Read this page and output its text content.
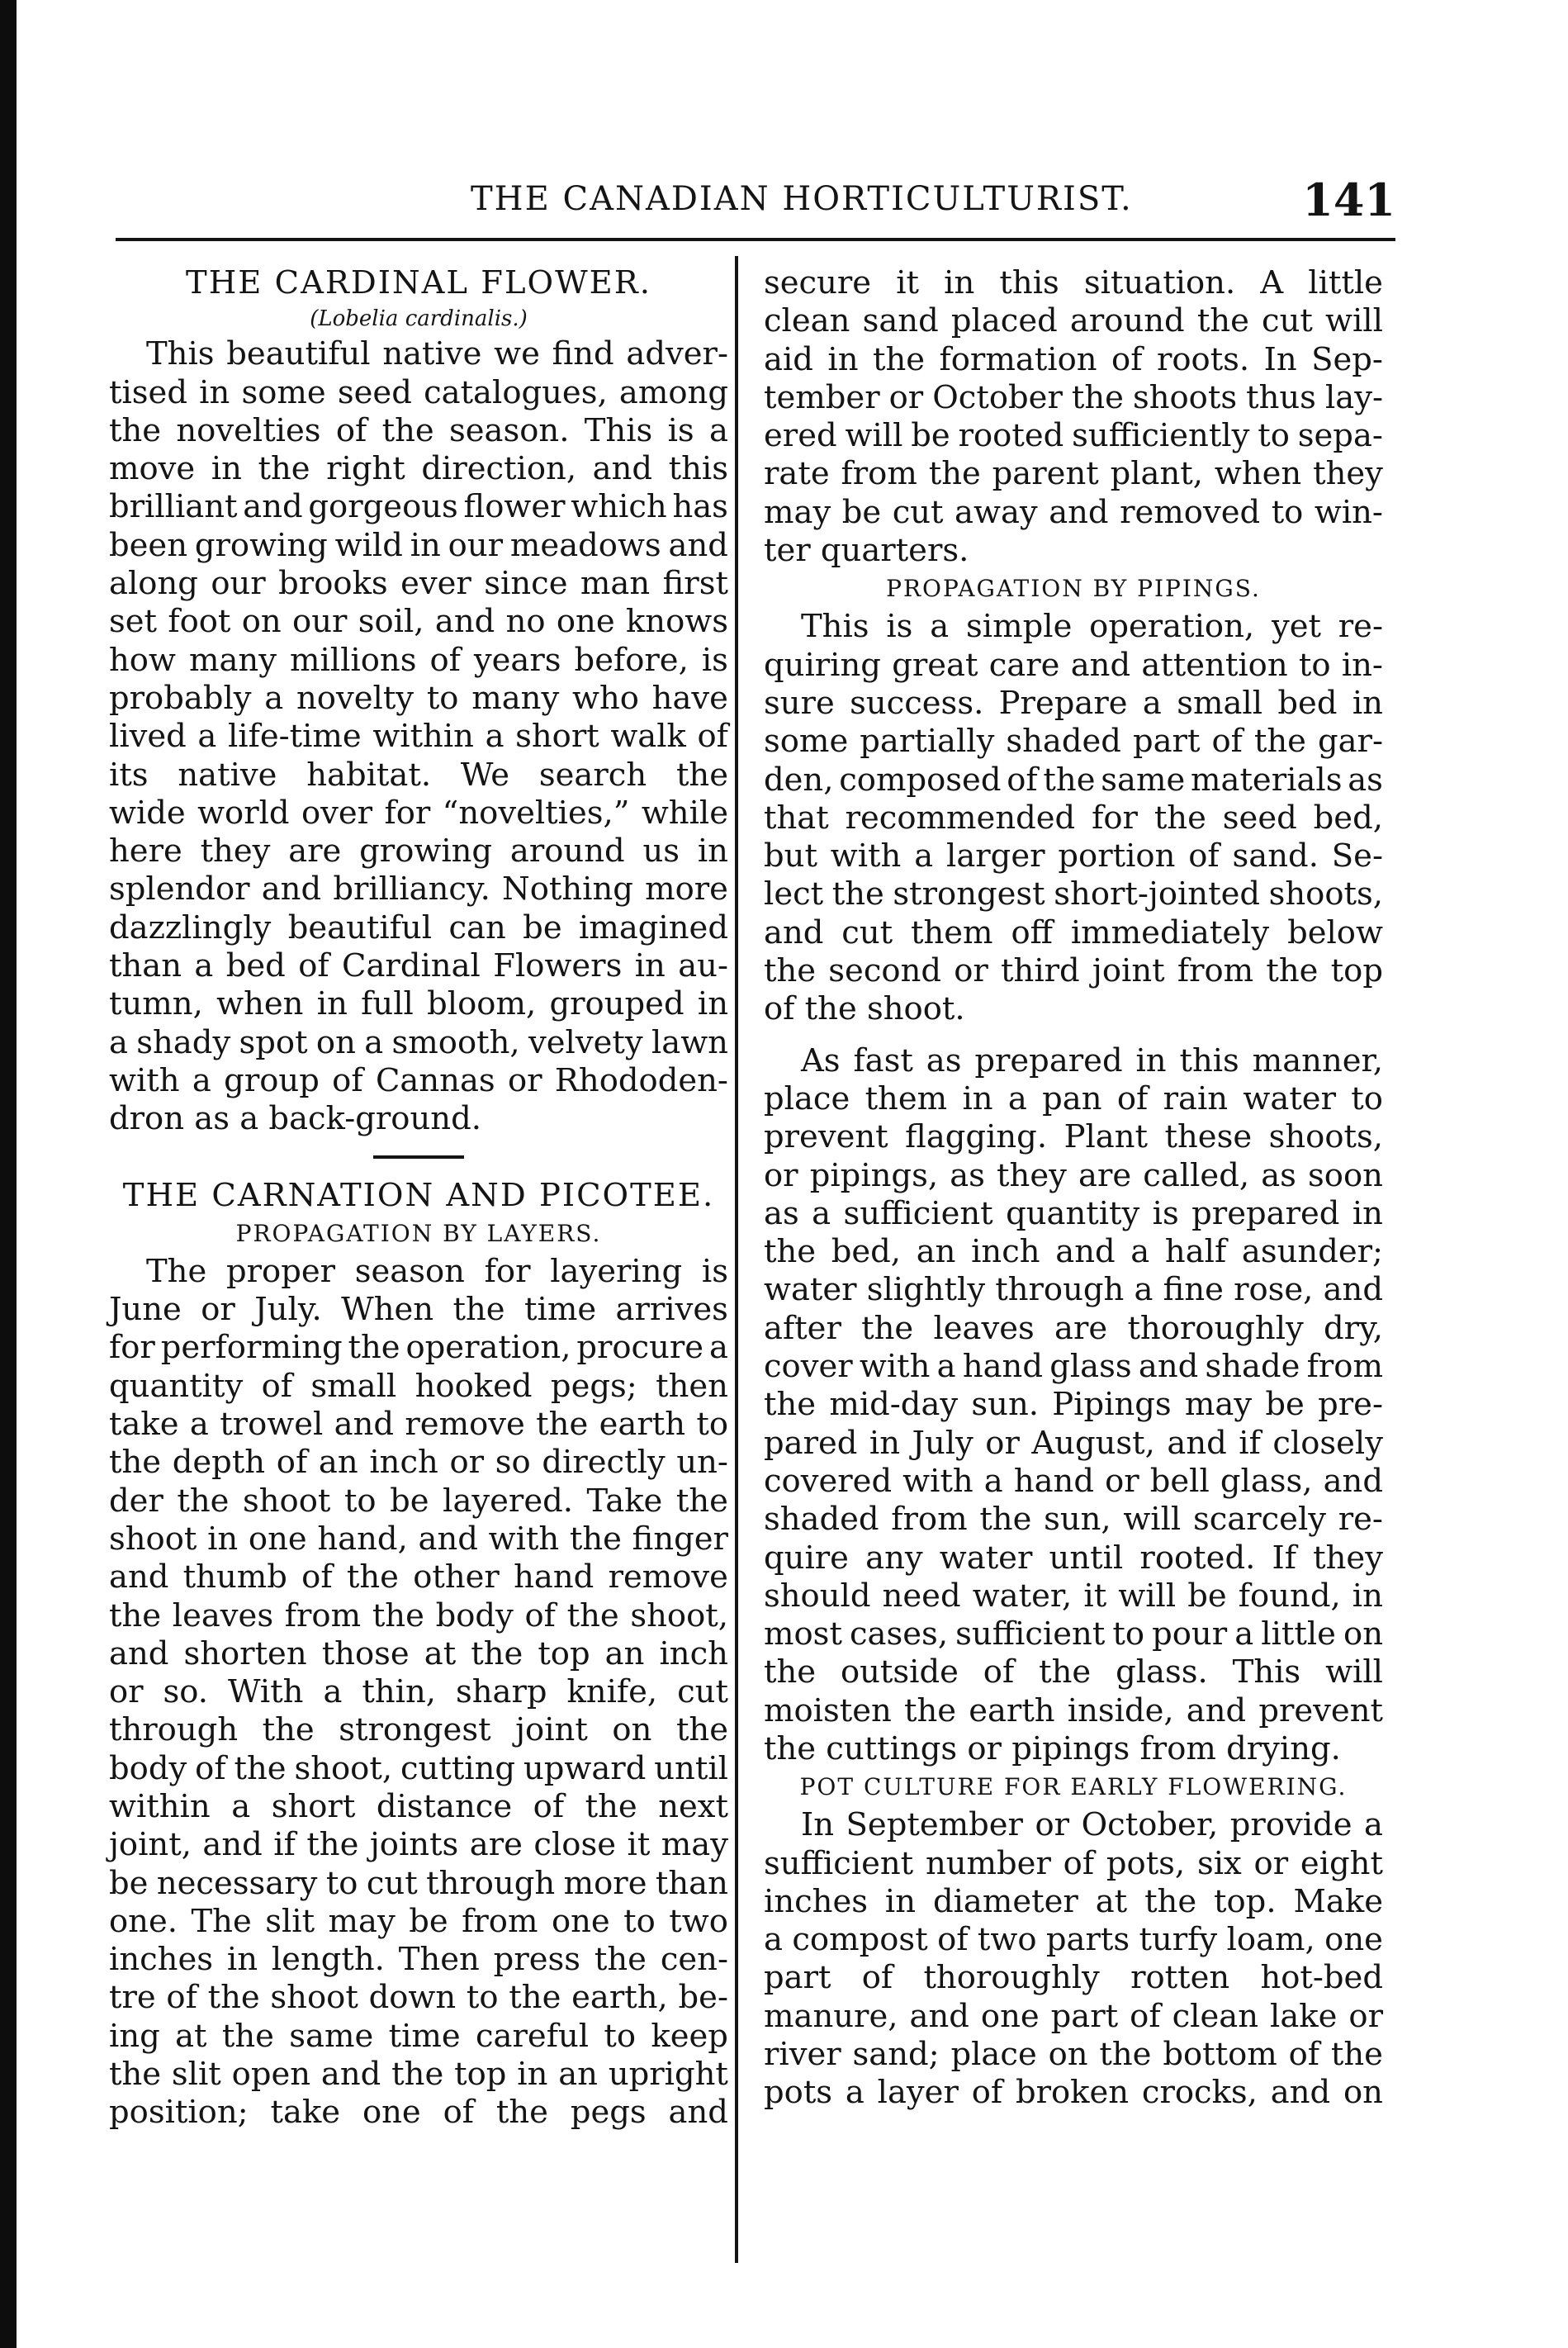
THE CANADIAN HORTICULTURIST.	141
THE CARDINAL FLOWER.
(Lobelia cardinalis.)
This beautiful native we find adver-
tised in some seed catalogues, among
the novelties of the season. This is a
move in the right direction, and this
brilliant and gorgeous flower which has
been growing wild in our meadows and
along our brooks ever since man first
set foot on our soil, and no one knows
how many millions of years before, is
probably a novelty to many who have
lived a life-time within a short walk of
its native habitat. We search the
wide world over for “novelties,” while
here they are growing around us in
splendor and brilliancy. Nothing more
dazzlingly beautiful can be imagined
than a bed of Cardinal Flowers in au-
tumn, when in full bloom, grouped in
a shady spot on a smooth, velvety lawn
with a group of Cannas or Rhododen-
dron as a back-ground.
THE CARNATION AND PICOTEE.
PROPAGATION BY LAYERS.
The proper season for layering is
June or July. When the time arrives
for performing the operation, procure a
quantity of small hooked pegs; then
take a trowel and remove the earth to
the depth of an inch or so directly un-
der the shoot to be layered. Take the
shoot in one hand, and with the finger
and thumb of the other hand remove
the leaves from the body of the shoot,
and shorten those at the top an inch
or so. With a thin, sharp knife, cut
through the strongest joint on the
body of the shoot, cutting upward until
within a short distance of the next
joint, and if the joints are close it may
be necessary to cut through more than
one. The slit may be from one to two
inches in length. Then press the cen-
tre of the shoot down to the earth, be-
ing at the same time careful to keep
the slit open and the top in an upright
position; take one of the pegs and
secure it in this situation. A little
clean sand placed around the cut will
aid in the formation of roots. In Sep-
tember or October the shoots thus lay-
ered will be rooted sufficiently to sepa-
rate from the parent plant, when they
may be cut away and removed to win-
ter quarters.
PROPAGATION BY PIPINGS.
This is a simple operation, yet re-
quiring great care and attention to in-
sure success. Prepare a small bed in
some partially shaded part of the gar-
den, composed of the same materials as
that recommended for the seed bed,
but with a larger portion of sand. Se-
lect the strongest short-jointed shoots,
and cut them off immediately below
the second or third joint from the top
of the shoot.
As fast as prepared in this manner,
place them in a pan of rain water to
prevent flagging. Plant these shoots,
or pipings, as they are called, as soon
as a sufficient quantity is prepared in
the bed, an inch and a half asunder;
water slightly through a fine rose, and
after the leaves are thoroughly dry,
cover with a hand glass and shade from
the mid-day sun. Pipings may be pre-
pared in July or August, and if closely
covered with a hand or bell glass, and
shaded from the sun, will scarcely re-
quire any water until rooted. If they
should need water, it will be found, in
most cases, sufficient to pour a little on
the outside of the glass. This will
moisten the earth inside, and prevent
the cuttings or pipings from drying.
POT CULTURE FOR EARLY FLOWERING.
In September or October, provide a
sufficient number of pots, six or eight
inches in diameter at the top. Make
a compost of two parts turfy loam, one
part of thoroughly rotten hot-bed
manure, and one part of clean lake or
river sand; place on the bottom of the
pots a layer of broken crocks, and on
